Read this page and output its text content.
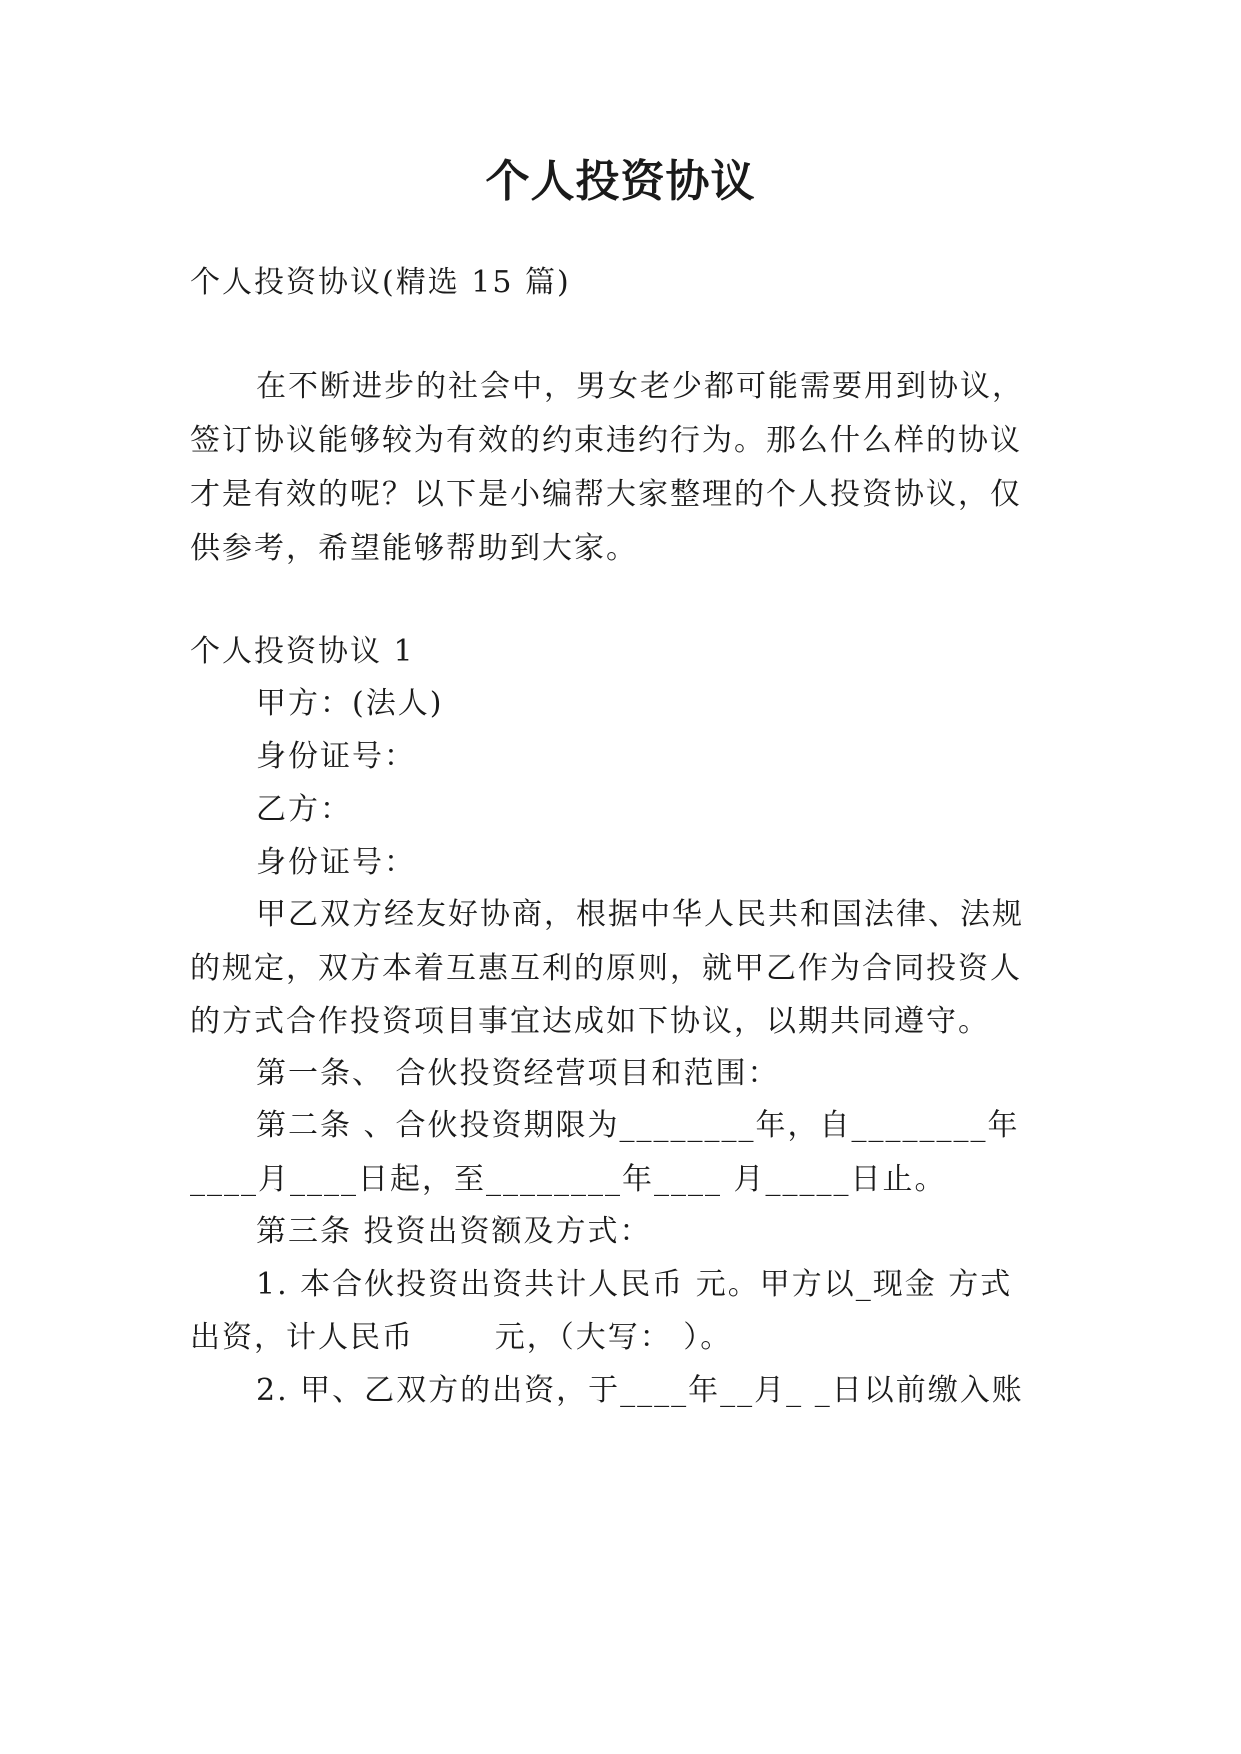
个人投资协议

个人投资协议(精选 15 篇)

在不断进步的社会中，男女老少都可能需要用到协议，

签订协议能够较为有效的约束违约行为。那么什么样的协议

才是有效的呢？以下是小编帮大家整理的个人投资协议，仅

供参考，希望能够帮助到大家。

个人投资协议 1

甲方：(法人)

身份证号：

乙方：

身份证号：

甲乙双方经友好协商，根据中华人民共和国法律、法规

的规定，双方本着互惠互利的原则，就甲乙作为合同投资人

的方式合作投资项目事宜达成如下协议，以期共同遵守。

第一条、 合伙投资经营项目和范围：

第二条 、合伙投资期限为________年，自________年

____月____日起，至________年____ 月_____日止。

第三条 投资出资额及方式：

1. 本合伙投资出资共计人民币 元。甲方以_现金 方式

出资，计人民币       元，（大写： ）。

2. 甲、乙双方的出资，于____年__月_ _日以前缴入账
